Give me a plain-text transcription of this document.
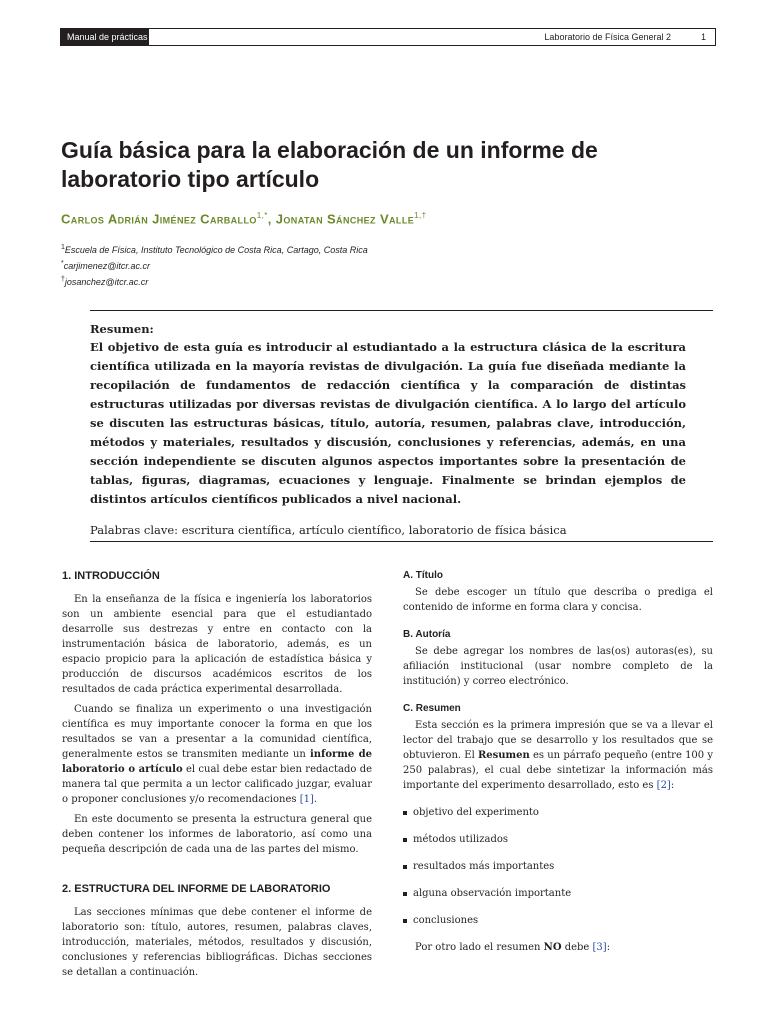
Manual de prácticas	Laboratorio de Física General 2	1
Guía básica para la elaboración de un informe de laboratorio tipo artículo
Carlos Adrián Jiménez Carballo$^{1,*}$, Jonatan Sánchez Valle$^{1,\dagger}$
$^1$Escuela de Física, Instituto Tecnológico de Costa Rica, Cartago, Costa Rica
*carjimenez@itcr.ac.cr
†josanchez@itcr.ac.cr

Resumen:

El objetivo de esta guía es introducir al estudiantado a la estructura clásica de la escritura científica utilizada en la mayoría revistas de divulgación. La guía fue diseñada mediante la recopilación de fundamentos de redacción científica y la comparación de distintas estructuras utilizadas por diversas revistas de divulgación científica. A lo largo del artículo se discuten las estructuras básicas, título, autoría, resumen, palabras clave, introducción, métodos y materiales, resultados y discusión, conclusiones y referencias, además, en una sección independiente se discuten algunos aspectos importantes sobre la presentación de tablas, figuras, diagramas, ecuaciones y lenguaje. Finalmente se brindan ejemplos de distintos artículos científicos publicados a nivel nacional.

Palabras clave: escritura científica, artículo científico, laboratorio de física básica

1. INTRODUCCIÓN

En la enseñanza de la física e ingeniería los laboratorios son un ambiente esencial para que el estudiantado desarrolle sus destrezas y entre en contacto con la instrumentación básica de laboratorio, además, es un espacio propicio para la aplicación de estadística básica y producción de discursos académicos escritos de los resultados de cada práctica experimental desarrollada.

Cuando se finaliza un experimento o una investigación científica es muy importante conocer la forma en que los resultados se van a presentar a la comunidad científica, generalmente estos se transmiten mediante un informe de laboratorio o artículo el cual debe estar bien redactado de manera tal que permita a un lector calificado juzgar, evaluar o proponer conclusiones y/o recomendaciones [1].

En este documento se presenta la estructura general que deben contener los informes de laboratorio, así como una pequeña descripción de cada una de las partes del mismo.

2. ESTRUCTURA DEL INFORME DE LABORATORIO

Las secciones mínimas que debe contener el informe de laboratorio son: título, autores, resumen, palabras claves, introducción, materiales, métodos, resultados y discusión, conclusiones y referencias bibliográficas. Dichas secciones se detallan a continuación.

A. Título

Se debe escoger un título que describa o prediga el contenido de informe en forma clara y concisa.

B. Autoría

Se debe agregar los nombres de las(os) autoras(es), su afiliación institucional (usar nombre completo de la institución) y correo electrónico.

C. Resumen

Esta sección es la primera impresión que se va a llevar el lector del trabajo que se desarrollo y los resultados que se obtuvieron. El Resumen es un párrafo pequeño (entre 100 y 250 palabras), el cual debe sintetizar la información más importante del experimento desarrollado, esto es [2]:

objetivo del experimento
métodos utilizados
resultados más importantes
alguna observación importante
conclusiones

Por otro lado el resumen NO debe [3]:
